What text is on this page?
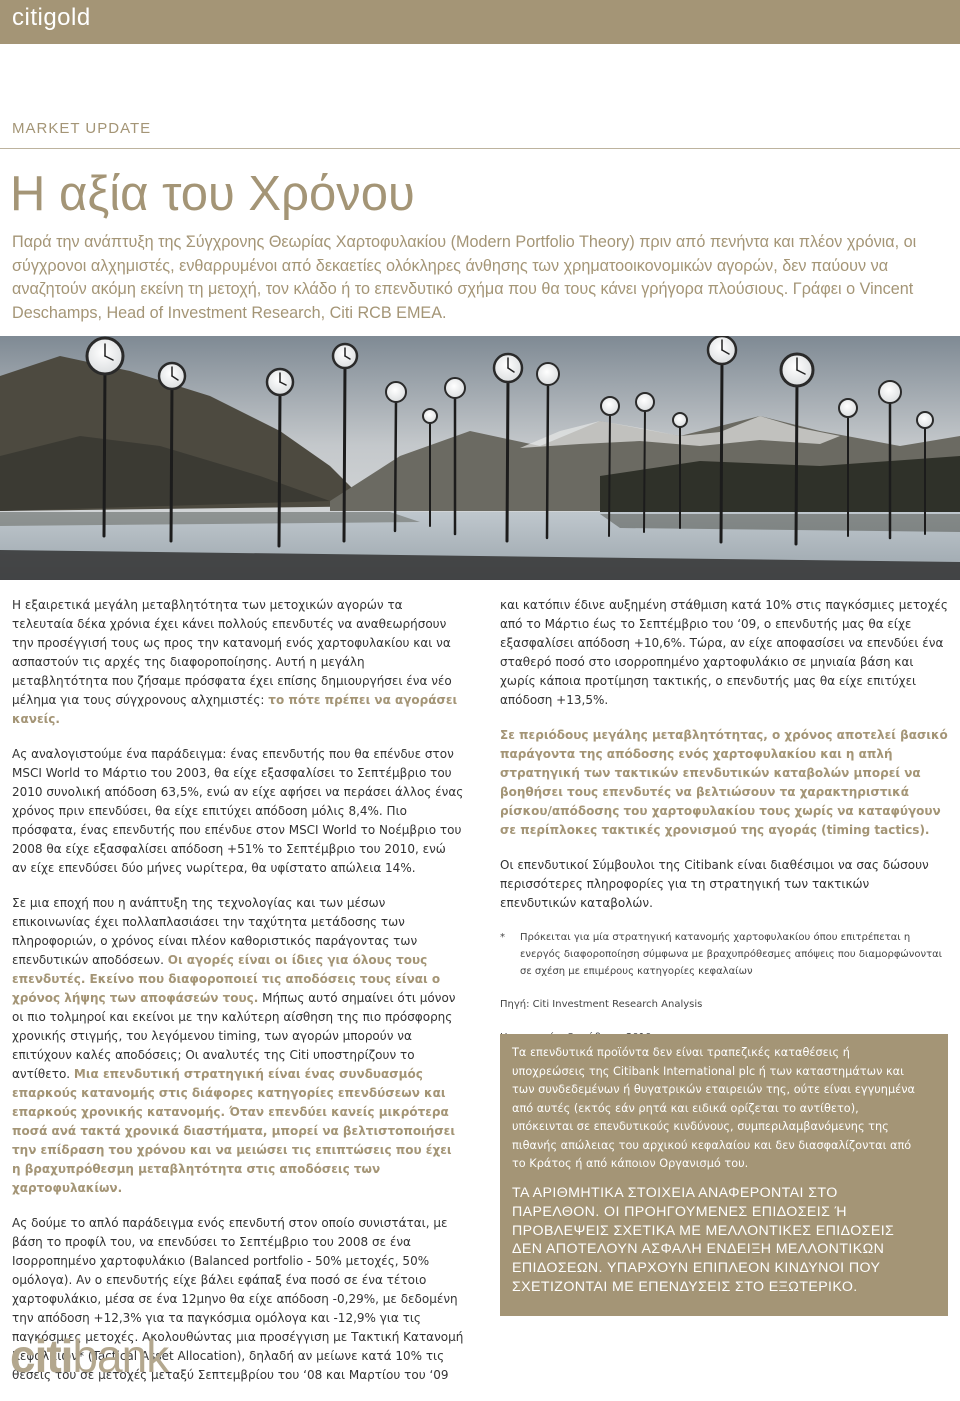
citigold
MARKET UPDATE
Η αξία του Χρόνου

Παρά την ανάπτυξη της Σύγχρονης Θεωρίας Χαρτοφυλακίου (Modern Portfolio Theory) πριν από πενήντα και πλέον χρόνια, οι σύγχρονοι αλχημιστές, ενθαρρυμένοι από δεκαετίες ολόκληρες άνθησης των χρηματοοικονομικών αγορών, δεν παύουν να αναζητούν ακόμη εκείνη τη μετοχή, τον κλάδο ή το επενδυτικό σχήμα που θα τους κάνει γρήγορα πλούσιους. Γράφει ο Vincent Deschamps, Head of Investment Research, Citi RCB EMEA.

Η εξαιρετικά μεγάλη μεταβλητότητα των μετοχικών αγορών τα τελευταία δέκα χρόνια έχει κάνει πολλούς επενδυτές να αναθεωρήσουν την προσέγγισή τους ως προς την κατανομή ενός χαρτοφυλακίου και να ασπαστούν τις αρχές της διαφοροποίησης. Αυτή η μεγάλη μεταβλητότητα που ζήσαμε πρόσφατα έχει επίσης δημιουργήσει ένα νέο μέλημα για τους σύγχρονους αλχημιστές: το πότε πρέπει να αγοράσει κανείς.

Ας αναλογιστούμε ένα παράδειγμα: ένας επενδυτής που θα επένδυε στον MSCI World το Μάρτιο του 2003, θα είχε εξασφαλίσει το Σεπτέμβριο του 2010 συνολική απόδοση 63,5%, ενώ αν είχε αφήσει να περάσει άλλος ένας χρόνος πριν επενδύσει, θα είχε επιτύχει απόδοση μόλις 8,4%. Πιο πρόσφατα, ένας επενδυτής που επένδυε στον MSCI World το Νοέμβριο του 2008 θα είχε εξασφαλίσει απόδοση +51% το Σεπτέμβριο του 2010, ενώ αν είχε επενδύσει δύο μήνες νωρίτερα, θα υφίστατο απώλεια 14%.

Σε μια εποχή που η ανάπτυξη της τεχνολογίας και των μέσων επικοινωνίας έχει πολλαπλασιάσει την ταχύτητα μετάδοσης των πληροφοριών, ο χρόνος είναι πλέον καθοριστικός παράγοντας των επενδυτικών αποδόσεων. Οι αγορές είναι οι ίδιες για όλους τους επενδυτές. Εκείνο που διαφοροποιεί τις αποδόσεις τους είναι ο χρόνος λήψης των αποφάσεών τους. Μήπως αυτό σημαίνει ότι μόνον οι πιο τολμηροί και εκείνοι με την καλύτερη αίσθηση της πιο πρόσφορης χρονικής στιγμής, του λεγόμενου timing, των αγορών μπορούν να επιτύχουν καλές αποδόσεις; Οι αναλυτές της Citi υποστηρίζουν το αντίθετο. Μια επενδυτική στρατηγική είναι ένας συνδυασμός επαρκούς κατανομής στις διάφορες κατηγορίες επενδύσεων και επαρκούς χρονικής κατανομής. Όταν επενδύει κανείς μικρότερα ποσά ανά τακτά χρονικά διαστήματα, μπορεί να βελτιστοποιήσει την επίδραση του χρόνου και να μειώσει τις επιπτώσεις που έχει η βραχυπρόθεσμη μεταβλητότητα στις αποδόσεις των χαρτοφυλακίων.

Ας δούμε το απλό παράδειγμα ενός επενδυτή στον οποίο συνιστάται, με βάση το προφίλ του, να επενδύσει το Σεπτέμβριο του 2008 σε ένα Ισορροπημένο χαρτοφυλάκιο (Balanced portfolio - 50% μετοχές, 50% ομόλογα). Αν ο επενδυτής είχε βάλει εφάπαξ ένα ποσό σε ένα τέτοιο χαρτοφυλάκιο, μέσα σε ένα 12μηνο θα είχε απόδοση -0,29%, με δεδομένη την απόδοση +12,3% για τα παγκόσμια ομόλογα και -12,9% για τις παγκόσμιες μετοχές. Ακολουθώντας μια προσέγγιση με Τακτική Κατανομή Κεφαλαίων* (Tactical Asset Allocation), δηλαδή αν μείωνε κατά 10% τις θέσεις του σε μετοχές μεταξύ Σεπτεμβρίου του ‘08 και Μαρτίου του ‘09

και κατόπιν έδινε αυξημένη στάθμιση κατά 10% στις παγκόσμιες μετοχές από το Μάρτιο έως το Σεπτέμβριο του ‘09, ο επενδυτής μας θα είχε εξασφαλίσει απόδοση +10,6%. Τώρα, αν είχε αποφασίσει να επενδύει ένα σταθερό ποσό στο ισορροπημένο χαρτοφυλάκιο σε μηνιαία βάση και χωρίς κάποια προτίμηση τακτικής, ο επενδυτής μας θα είχε επιτύχει απόδοση +13,5%.

Σε περιόδους μεγάλης μεταβλητότητας, ο χρόνος αποτελεί βασικό παράγοντα της απόδοσης ενός χαρτοφυλακίου και η απλή στρατηγική των τακτικών επενδυτικών καταβολών μπορεί να βοηθήσει τους επενδυτές να βελτιώσουν τα χαρακτηριστικά ρίσκου/απόδοσης του χαρτοφυλακίου τους χωρίς να καταφύγουν σε περίπλοκες τακτικές χρονισμού της αγοράς (timing tactics).

Οι επενδυτικοί Σύμβουλοι της Citibank είναι διαθέσιμοι να σας δώσουν περισσότερες πληροφορίες για τη στρατηγική των τακτικών επενδυτικών καταβολών.

* Πρόκειται για μία στρατηγική κατανομής χαρτοφυλακίου όπου επιτρέπεται η ενεργός διαφοροποίηση σύμφωνα με βραχυπρόθεσμες απόψεις που διαμορφώνονται σε σχέση με επιμέρους κατηγορίες κεφαλαίων

Πηγή: Citi Investment Research Analysis

Τα επενδυτικά προϊόντα δεν είναι τραπεζικές καταθέσεις ή υποχρεώσεις της Citibank International plc ή των καταστημάτων και των συνδεδεμένων ή θυγατρικών εταιρειών της, ούτε είναι εγγυημένα από αυτές (εκτός εάν ρητά και ειδικά ορίζεται το αντίθετο), υπόκεινται σε επενδυτικούς κινδύνους, συμπεριλαμβανόμενης της πιθανής απώλειας του αρχικού κεφαλαίου και δεν διασφαλίζονται από το Κράτος ή από κάποιον Οργανισμό του.
ΤΑ ΑΡΙΘΜΗΤΙΚΑ ΣΤΟΙΧΕΙΑ ΑΝΑΦΕΡΟΝΤΑΙ ΣΤΟ ΠΑΡΕΛΘΟΝ. ΟΙ ΠΡΟΗΓΟΥΜΕΝΕΣ ΕΠΙΔΟΣΕΙΣ Ή ΠΡΟΒΛΕΨΕΙΣ ΣΧΕΤΙΚΑ ΜΕ ΜΕΛΛΟΝΤΙΚΕΣ ΕΠΙΔΟΣΕΙΣ ΔΕΝ ΑΠΟΤΕΛΟΥΝ ΑΣΦΑΛΗ ΕΝΔΕΙΞΗ ΜΕΛΛΟΝΤΙΚΩΝ ΕΠΙΔΟΣΕΩΝ. ΥΠΑΡΧΟΥΝ ΕΠΙΠΛΕΟΝ ΚΙΝΔΥΝΟΙ ΠΟΥ ΣΧΕΤΙΖΟΝΤΑΙ ΜΕ ΕΠΕΝΔΥΣΕΙΣ ΣΤΟ ΕΞΩΤΕΡΙΚΟ.
citibank
